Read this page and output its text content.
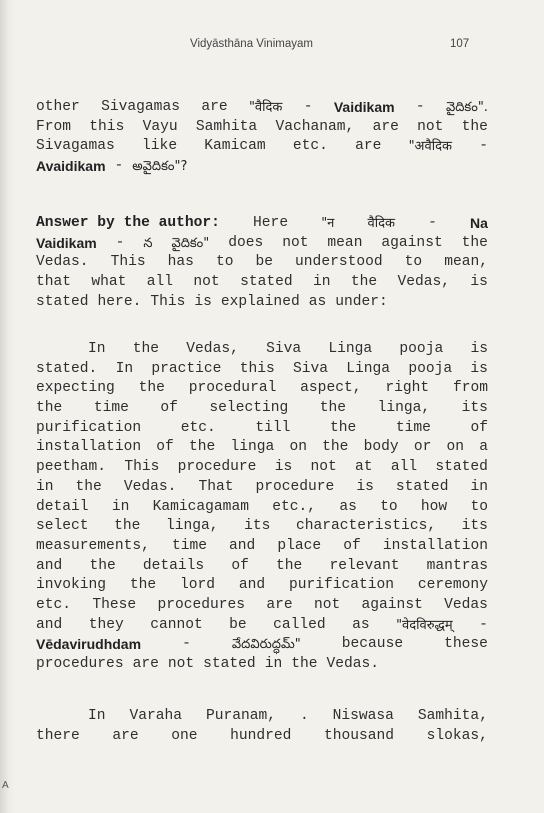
Vidyāsthāna Vinimayam	107
other Sivagamas are "वैदिक - Vaidikam - వైదికం".
From this Vayu Samhita Vachanam, are not the
Sivagamas like Kamicam etc. are "अवैदिक -
Avaidikam - అవైదికం"?
Answer by the author: Here	"न	वैदिक - Na
Vaidikam - న వైదికం" does not mean against the
Vedas. This has to be understood to mean,
that what all not stated in the Vedas, is
stated here. This is explained as under:
In the Vedas, Siva Linga pooja is
stated. In practice this Siva Linga pooja is
expecting the procedural aspect, right from
the time of selecting the linga, its
purification	etc.	till	the	time	of
installation of the linga on the body or on a
peetham. This procedure is not at all stated
in the Vedas. That procedure is stated in
detail in Kamicagamam etc., as to how to
select the linga, its characteristics, its
measurements, time and place of installation
and the details of the relevant mantras
invoking the lord and purification ceremony
etc. These procedures are not against Vedas
and they cannot be called as "वेदविरुद्धम् -
Vēdavirudhdam	-	వేదవిరుద్ధమ్"	because	these
procedures are not stated in the Vedas.
In Varaha Puranam, . Niswasa Samhita,
there are one hundred thousand slokas,
A
